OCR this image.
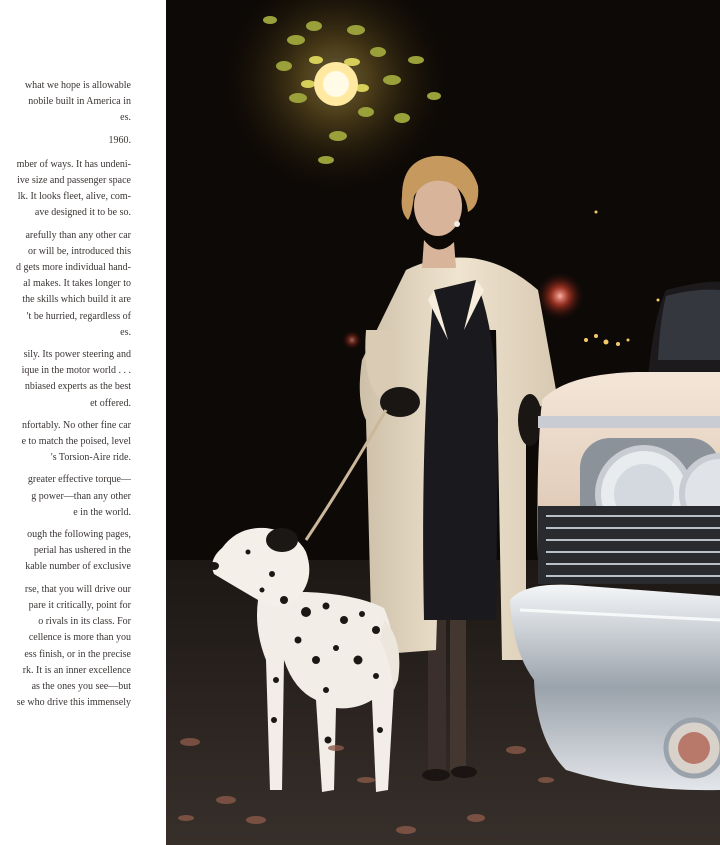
what we hope is allowable
nobile built in America in
es.

1960.

mber of ways. It has undeni-
ive size and passenger space
lk. It looks fleet, alive, com-
ave designed it to be so.

arefully than any other car
or will be, introduced this
d gets more individual hand-
al makes. It takes longer to
the skills which build it are
't be hurried, regardless of
es.

sily. Its power steering and
ique in the motor world . . .
nbiased experts as the best
et offered.

nfortably. No other fine car
e to match the poised, level
's Torsion-Aire ride.

greater effective torque—
g power—than any other
e in the world.

ough the following pages,
perial has ushered in the
kable number of exclusive

rse, that you will drive our
pare it critically, point for
o rivals in its class. For
cellence is more than you
ess finish, or in the precise
rk. It is an inner excellence
as the ones you see—but
se who drive this immensely
